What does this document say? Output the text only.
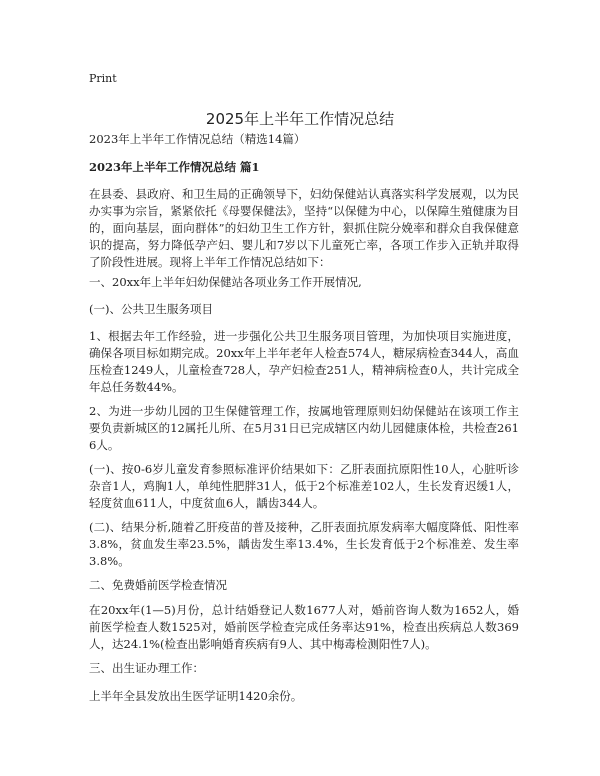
Print
2025年上半年工作情况总结

2023年上半年工作情况总结（精选14篇）

2023年上半年工作情况总结 篇1

在县委、县政府、和卫生局的正确领导下，妇幼保健站认真落实科学发展观，以为民办实事为宗旨，紧紧依托《母婴保健法》，坚持“以保健为中心，以保障生殖健康为目的，面向基层，面向群体”的妇幼卫生工作方针，狠抓住院分娩率和群众自我保健意识的提高，努力降低孕产妇、婴儿和7岁以下儿童死亡率，各项工作步入正轨并取得了阶段性进展。现将上半年工作情况总结如下：

一、20xx年上半年妇幼保健站各项业务工作开展情况,

(一)、公共卫生服务项目

1、根据去年工作经验，进一步强化公共卫生服务项目管理，为加快项目实施进度，确保各项目标如期完成。20xx年上半年老年人检查574人，糖尿病检查344人，高血压检查1249人，儿童检查728人，孕产妇检查251人，精神病检查0人，共计完成全年总任务数44%。

2、为进一步幼儿园的卫生保健管理工作，按属地管理原则妇幼保健站在该项工作主要负责新城区的12属托儿所、在5月31日已完成辖区内幼儿园健康体检，共检查2616人。

(一)、按0-6岁儿童发育参照标准评价结果如下：乙肝表面抗原阳性10人，心脏听诊杂音1人，鸡胸1人，单纯性肥胖31人，低于2个标准差102人，生长发育迟缓1人，轻度贫血611人，中度贫血6人，龋齿344人。

(二)、结果分析,随着乙肝疫苗的普及接种，乙肝表面抗原发病率大幅度降低、阳性率3.8%，贫血发生率23.5%，龋齿发生率13.4%，生长发育低于2个标准差、发生率3.8%。

二、免费婚前医学检查情况

在20xx年(1—5)月份，总计结婚登记人数1677人对，婚前咨询人数为1652人，婚前医学检查人数1525对，婚前医学检查完成任务率达91%，检查出疾病总人数369人，达24.1%(检查出影响婚育疾病有9人、其中梅毒检测阳性7人)。

三、出生证办理工作：

上半年全县发放出生医学证明1420余份。
